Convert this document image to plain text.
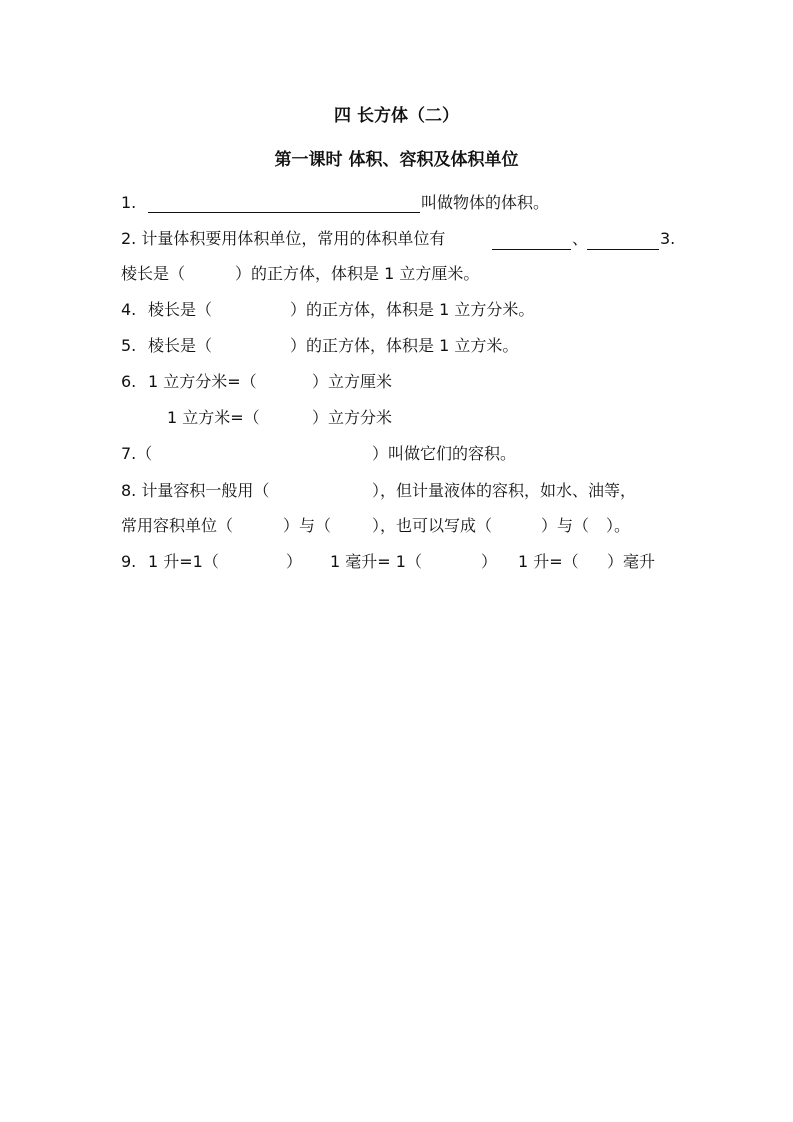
四 长方体（二）
第一课时 体积、容积及体积单位
1.	叫做物体的体积。
2. 计量体积要用体积单位，常用的体积单位有	、	3.
棱长是（	）的正方体，体积是 1 立方厘米。
4. 棱长是（	）的正方体，体积是 1 立方分米。
5. 棱长是（	）的正方体，体积是 1 立方米。
6. 1 立方分米=（	）立方厘米
1 立方米=（	）立方分米
7.（	）叫做它们的容积。
8. 计量容积一般用（	），但计量液体的容积，如水、油等，
常用容积单位（	）与（	），也可以写成（	）与（ ）。
9. 1 升=1（	） 1 毫升= 1（	） 1 升=（ ）毫升
